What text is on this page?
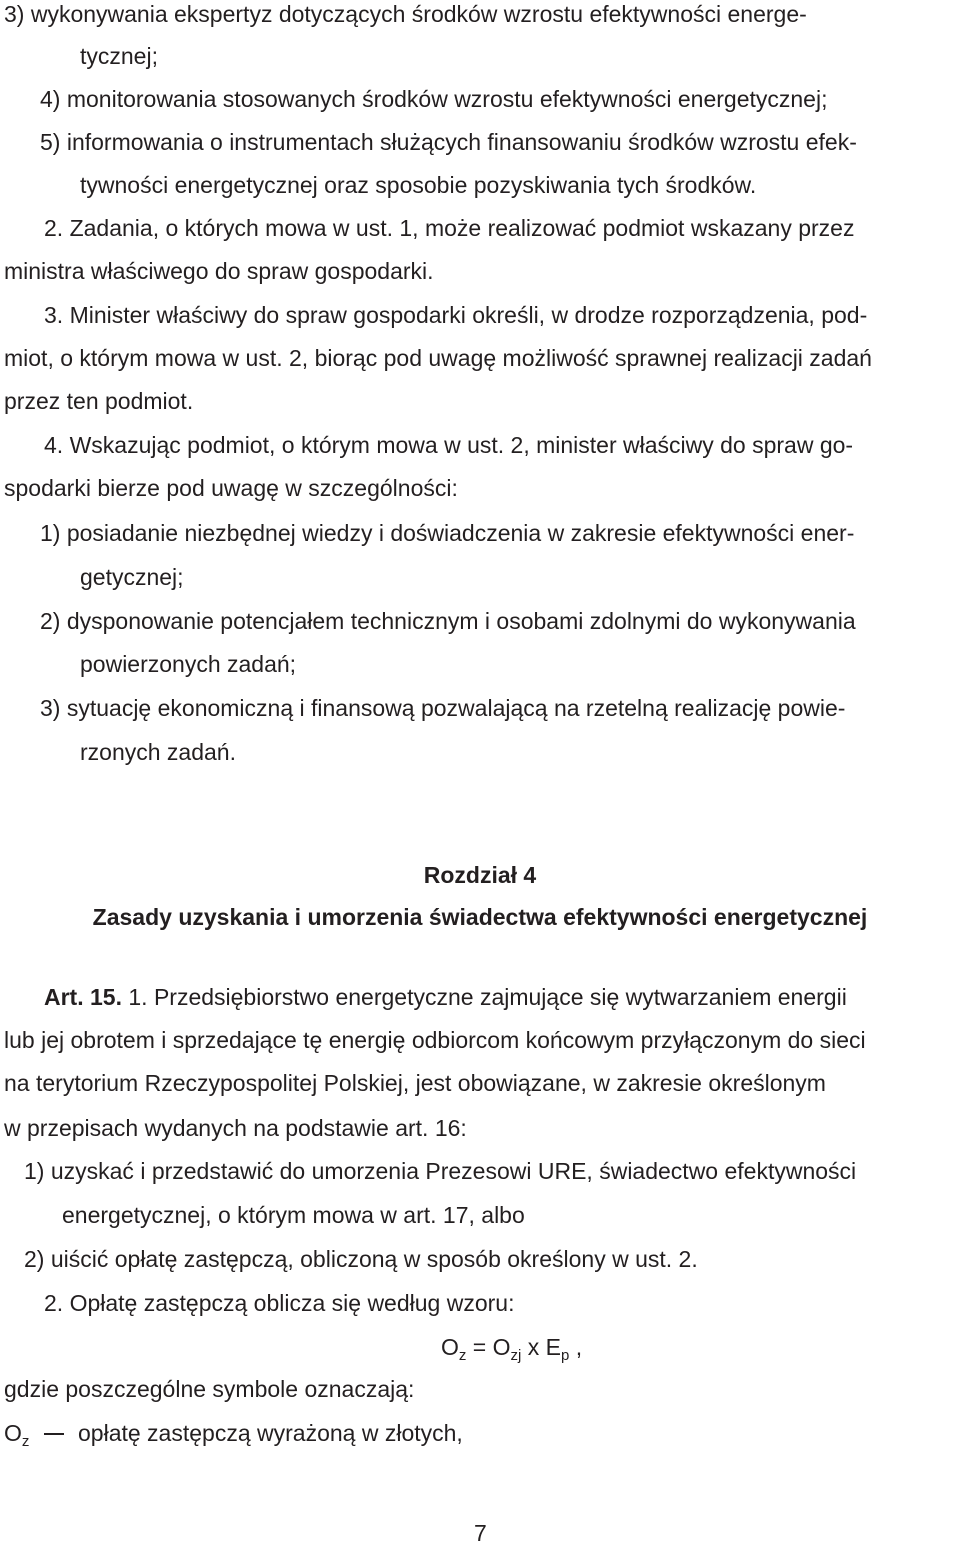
3) wykonywania ekspertyz dotyczących środków wzrostu efektywności energe-
tycznej;
4) monitorowania stosowanych środków wzrostu efektywności energetycznej;
5) informowania o instrumentach służących finansowaniu środków wzrostu efek-
tywności energetycznej oraz sposobie pozyskiwania tych środków.
2. Zadania, o których mowa w ust. 1, może realizować podmiot wskazany przez
ministra właściwego do spraw gospodarki.
3. Minister właściwy do spraw gospodarki określi, w drodze rozporządzenia, pod-
miot, o którym mowa w ust. 2, biorąc pod uwagę możliwość sprawnej realizacji zadań
przez ten podmiot.
4. Wskazując podmiot, o którym mowa w ust. 2, minister właściwy do spraw go-
spodarki bierze pod uwagę w szczególności:
1) posiadanie niezbędnej wiedzy i doświadczenia w zakresie efektywności ener-
getycznej;
2) dysponowanie potencjałem technicznym i osobami zdolnymi do wykonywania
powierzonych zadań;
3) sytuację ekonomiczną i finansową pozwalającą na rzetelną realizację powie-
rzonych zadań.
Rozdział 4
Zasady uzyskania i umorzenia świadectwa efektywności energetycznej
Art. 15. 1. Przedsiębiorstwo energetyczne zajmujące się wytwarzaniem energii
lub jej obrotem i sprzedające tę energię odbiorcom końcowym przyłączonym do sieci
na terytorium Rzeczypospolitej Polskiej, jest obowiązane, w zakresie określonym
w przepisach wydanych na podstawie art. 16:
1) uzyskać i przedstawić do umorzenia Prezesowi URE, świadectwo efektywności
energetycznej, o którym mowa w art. 17, albo
2) uiścić opłatę zastępczą, obliczoną w sposób określony w ust. 2.
2. Opłatę zastępczą oblicza się według wzoru:
$O_z = O_{zj}$ x $E_p$ ,
gdzie poszczególne symbole oznaczają:
$O_z$ opłatę zastępczą wyrażoną w złotych,
7
